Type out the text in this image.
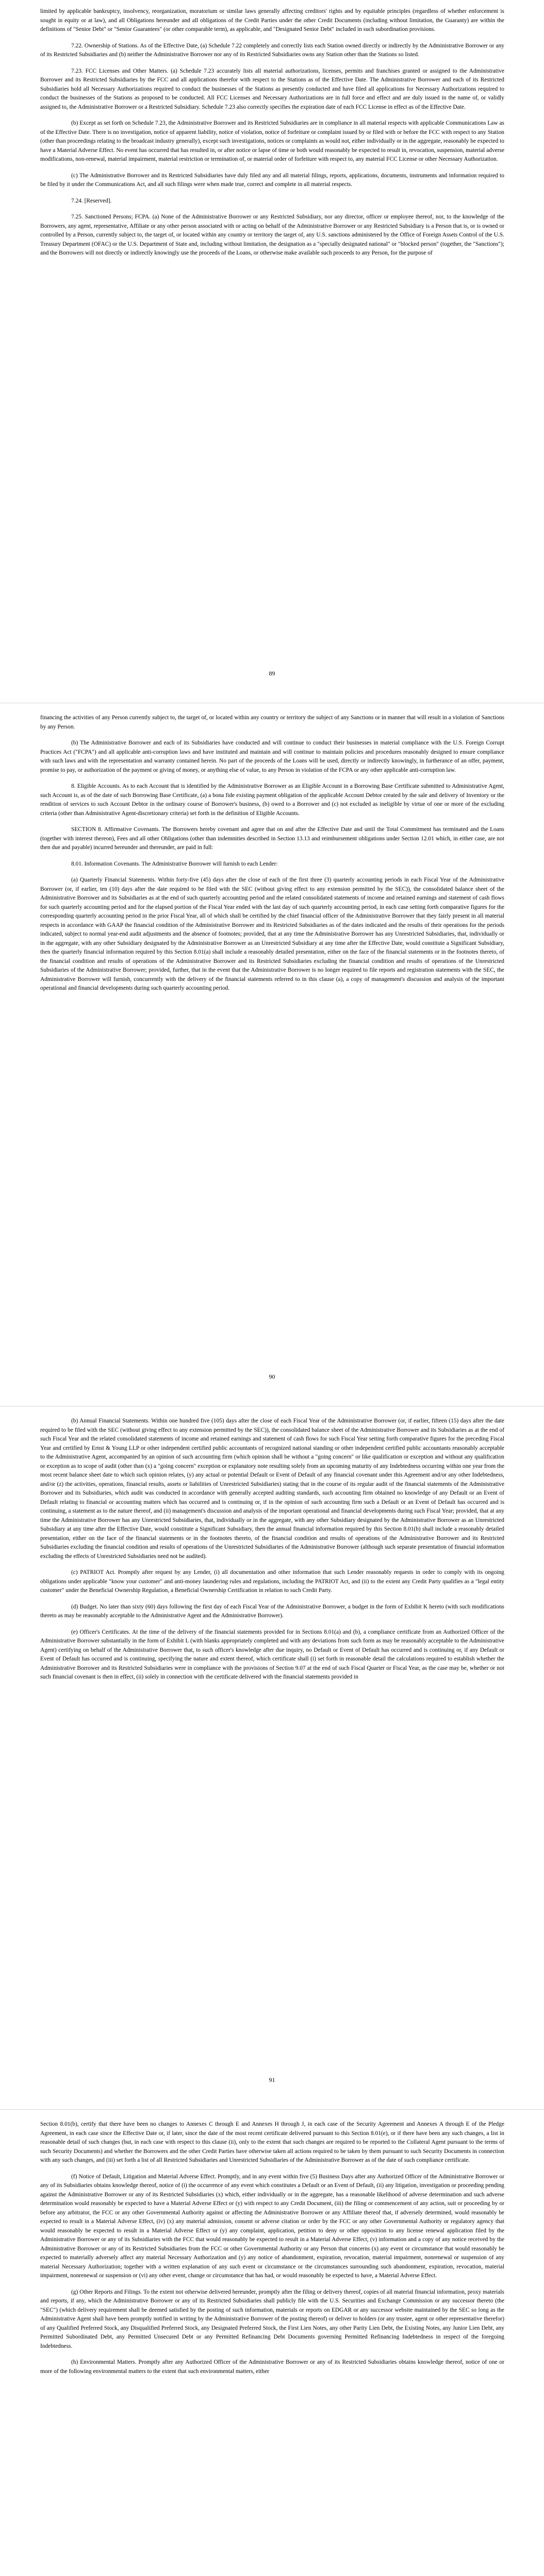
limited by applicable bankruptcy, insolvency, reorganization, moratorium or similar laws generally affecting creditors' rights and by equitable principles (regardless of whether enforcement is sought in equity or at law), and all Obligations hereunder and all obligations of the Credit Parties under the other Credit Documents (including without limitation, the Guaranty) are within the definitions of "Senior Debt" or "Senior Guarantees" (or other comparable term), as applicable, and "Designated Senior Debt" included in such subordination provisions.

7.22. Ownership of Stations. As of the Effective Date, (a) Schedule 7.22 completely and correctly lists each Station owned directly or indirectly by the Administrative Borrower or any of its Restricted Subsidiaries and (b) neither the Administrative Borrower nor any of its Restricted Subsidiaries owns any Station other than the Stations so listed.

7.23. FCC Licenses and Other Matters. (a) Schedule 7.23 accurately lists all material authorizations, licenses, permits and franchises granted or assigned to the Administrative Borrower and its Restricted Subsidiaries by the FCC and all applications therefor with respect to the Stations as of the Effective Date. The Administrative Borrower and each of its Restricted Subsidiaries hold all Necessary Authorizations required to conduct the businesses of the Stations as presently conducted and have filed all applications for Necessary Authorizations required to conduct the businesses of the Stations as proposed to be conducted. All FCC Licenses and Necessary Authorizations are in full force and effect and are duly issued in the name of, or validly assigned to, the Administrative Borrower or a Restricted Subsidiary. Schedule 7.23 also correctly specifies the expiration date of each FCC License in effect as of the Effective Date.

(b) Except as set forth on Schedule 7.23, the Administrative Borrower and its Restricted Subsidiaries are in compliance in all material respects with applicable Communications Law as of the Effective Date. There is no investigation, notice of apparent liability, notice of violation, notice of forfeiture or complaint issued by or filed with or before the FCC with respect to any Station (other than proceedings relating to the broadcast industry generally), except such investigations, notices or complaints as would not, either individually or in the aggregate, reasonably be expected to have a Material Adverse Effect. No event has occurred that has resulted in, or after notice or lapse of time or both would reasonably be expected to result in, revocation, suspension, material adverse modifications, non-renewal, material impairment, material restriction or termination of, or material order of forfeiture with respect to, any material FCC License or other Necessary Authorization.

(c) The Administrative Borrower and its Restricted Subsidiaries have duly filed any and all material filings, reports, applications, documents, instruments and information required to be filed by it under the Communications Act, and all such filings were when made true, correct and complete in all material respects.

7.24. [Reserved].

7.25. Sanctioned Persons; FCPA. (a) None of the Administrative Borrower or any Restricted Subsidiary, nor any director, officer or employee thereof, nor, to the knowledge of the Borrowers, any agent, representative, Affiliate or any other person associated with or acting on behalf of the Administrative Borrower or any Restricted Subsidiary is a Person that is, or is owned or controlled by a Person, currently subject to, the target of, or located within any country or territory the target of, any U.S. sanctions administered by the Office of Foreign Assets Control of the U.S. Treasury Department (OFAC) or the U.S. Department of State and, including without limitation, the designation as a "specially designated national" or "blocked person" (together, the "Sanctions"); and the Borrowers will not directly or indirectly knowingly use the proceeds of the Loans, or otherwise make available such proceeds to any Person, for the purpose of

89

financing the activities of any Person currently subject to, the target of, or located within any country or territory the subject of any Sanctions or in manner that will result in a violation of Sanctions by any Person.

(b) The Administrative Borrower and each of its Subsidiaries have conducted and will continue to conduct their businesses in material compliance with the U.S. Foreign Corrupt Practices Act ("FCPA") and all applicable anti-corruption laws and have instituted and maintain and will continue to maintain policies and procedures reasonably designed to ensure compliance with such laws and with the representation and warranty contained herein. No part of the proceeds of the Loans will be used, directly or indirectly knowingly, in furtherance of an offer, payment, promise to pay, or authorization of the payment or giving of money, or anything else of value, to any Person in violation of the FCPA or any other applicable anti-corruption law.

8. Eligible Accounts. As to each Account that is identified by the Administrative Borrower as an Eligible Account in a Borrowing Base Certificate submitted to Administrative Agent, such Account is, as of the date of such Borrowing Base Certificate, (a) a bona fide existing payment obligation of the applicable Account Debtor created by the sale and delivery of Inventory or the rendition of services to such Account Debtor in the ordinary course of Borrower's business, (b) owed to a Borrower and (c) not excluded as ineligible by virtue of one or more of the excluding criteria (other than Administrative Agent-discretionary criteria) set forth in the definition of Eligible Accounts.

SECTION 8. Affirmative Covenants. The Borrowers hereby covenant and agree that on and after the Effective Date and until the Total Commitment has terminated and the Loans (together with interest thereon), Fees and all other Obligations (other than indemnities described in Section 13.13 and reimbursement obligations under Section 12.01 which, in either case, are not then due and payable) incurred hereunder and thereunder, are paid in full:

8.01. Information Covenants. The Administrative Borrower will furnish to each Lender:

(a) Quarterly Financial Statements. Within forty-five (45) days after the close of each of the first three (3) quarterly accounting periods in each Fiscal Year of the Administrative Borrower (or, if earlier, ten (10) days after the date required to be filed with the SEC (without giving effect to any extension permitted by the SEC)), the consolidated balance sheet of the Administrative Borrower and its Subsidiaries as at the end of such quarterly accounting period and the related consolidated statements of income and retained earnings and statement of cash flows for such quarterly accounting period and for the elapsed portion of the Fiscal Year ended with the last day of such quarterly accounting period, in each case setting forth comparative figures for the corresponding quarterly accounting period in the prior Fiscal Year, all of which shall be certified by the chief financial officer of the Administrative Borrower that they fairly present in all material respects in accordance with GAAP the financial condition of the Administrative Borrower and its Restricted Subsidiaries as of the dates indicated and the results of their operations for the periods indicated, subject to normal year-end audit adjustments and the absence of footnotes; provided, that at any time the Administrative Borrower has any Unrestricted Subsidiaries, that, individually or in the aggregate, with any other Subsidiary designated by the Administrative Borrower as an Unrestricted Subsidiary at any time after the Effective Date, would constitute a Significant Subsidiary, then the quarterly financial information required by this Section 8.01(a) shall include a reasonably detailed presentation, either on the face of the financial statements or in the footnotes thereto, of the financial condition and results of operations of the Administrative Borrower and its Restricted Subsidiaries excluding the financial condition and results of operations of the Unrestricted Subsidiaries of the Administrative Borrower; provided, further, that in the event that the Administrative Borrower is no longer required to file reports and registration statements with the SEC, the Administrative Borrower will furnish, concurrently with the delivery of the financial statements referred to in this clause (a), a copy of management's discussion and analysis of the important operational and financial developments during such quarterly accounting period.

90

(b) Annual Financial Statements. Within one hundred five (105) days after the close of each Fiscal Year of the Administrative Borrower (or, if earlier, fifteen (15) days after the date required to be filed with the SEC (without giving effect to any extension permitted by the SEC)), the consolidated balance sheet of the Administrative Borrower and its Subsidiaries as at the end of such Fiscal Year and the related consolidated statements of income and retained earnings and statement of cash flows for such Fiscal Year setting forth comparative figures for the preceding Fiscal Year and certified by Ernst & Young LLP or other independent certified public accountants of recognized national standing or other independent certified public accountants reasonably acceptable to the Administrative Agent, accompanied by an opinion of such accounting firm (which opinion shall be without a "going concern" or like qualification or exception and without any qualification or exception as to scope of audit (other than (x) a "going concern" exception or explanatory note resulting solely from an upcoming maturity of any Indebtedness occurring within one year from the most recent balance sheet date to which such opinion relates, (y) any actual or potential Default or Event of Default of any financial covenant under this Agreement and/or any other Indebtedness, and/or (z) the activities, operations, financial results, assets or liabilities of Unrestricted Subsidiaries) stating that in the course of its regular audit of the financial statements of the Administrative Borrower and its Subsidiaries, which audit was conducted in accordance with generally accepted auditing standards, such accounting firm obtained no knowledge of any Default or an Event of Default relating to financial or accounting matters which has occurred and is continuing or, if in the opinion of such accounting firm such a Default or an Event of Default has occurred and is continuing, a statement as to the nature thereof, and (ii) management's discussion and analysis of the important operational and financial developments during such Fiscal Year; provided, that at any time the Administrative Borrower has any Unrestricted Subsidiaries, that, individually or in the aggregate, with any other Subsidiary designated by the Administrative Borrower as an Unrestricted Subsidiary at any time after the Effective Date, would constitute a Significant Subsidiary, then the annual financial information required by this Section 8.01(b) shall include a reasonably detailed presentation, either on the face of the financial statements or in the footnotes thereto, of the financial condition and results of operations of the Administrative Borrower and its Restricted Subsidiaries excluding the financial condition and results of operations of the Unrestricted Subsidiaries of the Administrative Borrower (although such separate presentation of financial information excluding the effects of Unrestricted Subsidiaries need not be audited).

(c) PATRIOT Act. Promptly after request by any Lender, (i) all documentation and other information that such Lender reasonably requests in order to comply with its ongoing obligations under applicable "know your customer" and anti-money laundering rules and regulations, including the PATRIOT Act, and (ii) to the extent any Credit Party qualifies as a "legal entity customer" under the Beneficial Ownership Regulation, a Beneficial Ownership Certification in relation to such Credit Party.

(d) Budget. No later than sixty (60) days following the first day of each Fiscal Year of the Administrative Borrower, a budget in the form of Exhibit K hereto (with such modifications thereto as may be reasonably acceptable to the Administrative Agent and the Administrative Borrower).

(e) Officer's Certificates. At the time of the delivery of the financial statements provided for in Sections 8.01(a) and (b), a compliance certificate from an Authorized Officer of the Administrative Borrower substantially in the form of Exhibit L (with blanks appropriately completed and with any deviations from such form as may be reasonably acceptable to the Administrative Agent) certifying on behalf of the Administrative Borrower that, to such officer's knowledge after due inquiry, no Default or Event of Default has occurred and is continuing or, if any Default or Event of Default has occurred and is continuing, specifying the nature and extent thereof, which certificate shall (i) set forth in reasonable detail the calculations required to establish whether the Administrative Borrower and its Restricted Subsidiaries were in compliance with the provisions of Section 9.07 at the end of such Fiscal Quarter or Fiscal Year, as the case may be, whether or not such financial covenant is then in effect, (ii) solely in connection with the certificate delivered with the financial statements provided in

91

Section 8.01(b), certify that there have been no changes to Annexes C through E and Annexes H through J, in each case of the Security Agreement and Annexes A through E of the Pledge Agreement, in each case since the Effective Date or, if later, since the date of the most recent certificate delivered pursuant to this Section 8.01(e), or if there have been any such changes, a list in reasonable detail of such changes (but, in each case with respect to this clause (ii), only to the extent that such changes are required to be reported to the Collateral Agent pursuant to the terms of such Security Documents) and whether the Borrowers and the other Credit Parties have otherwise taken all actions required to be taken by them pursuant to such Security Documents in connection with any such changes, and (iii) set forth a list of all Restricted Subsidiaries and Unrestricted Subsidiaries of the Administrative Borrower as of the date of such compliance certificate.

(f) Notice of Default, Litigation and Material Adverse Effect. Promptly, and in any event within five (5) Business Days after any Authorized Officer of the Administrative Borrower or any of its Subsidiaries obtains knowledge thereof, notice of (i) the occurrence of any event which constitutes a Default or an Event of Default, (ii) any litigation, investigation or proceeding pending against the Administrative Borrower or any of its Restricted Subsidiaries (x) which, either individually or in the aggregate, has a reasonable likelihood of adverse determination and such adverse determination would reasonably be expected to have a Material Adverse Effect or (y) with respect to any Credit Document, (iii) the filing or commencement of any action, suit or proceeding by or before any arbitrator, the FCC or any other Governmental Authority against or affecting the Administrative Borrower or any Affiliate thereof that, if adversely determined, would reasonably be expected to result in a Material Adverse Effect, (iv) (x) any material admission, consent or adverse citation or order by the FCC or any other Governmental Authority or regulatory agency that would reasonably be expected to result in a Material Adverse Effect or (y) any complaint, application, petition to deny or other opposition to any license renewal application filed by the Administrative Borrower or any of its Subsidiaries with the FCC that would reasonably be expected to result in a Material Adverse Effect, (v) information and a copy of any notice received by the Administrative Borrower or any of its Restricted Subsidiaries from the FCC or other Governmental Authority or any Person that concerns (x) any event or circumstance that would reasonably be expected to materially adversely affect any material Necessary Authorization and (y) any notice of abandonment, expiration, revocation, material impairment, nonrenewal or suspension of any material Necessary Authorization; together with a written explanation of any such event or circumstance or the circumstances surrounding such abandonment, expiration, revocation, material impairment, nonrenewal or suspension or (vi) any other event, change or circumstance that has had, or would reasonably be expected to have, a Material Adverse Effect.

(g) Other Reports and Filings. To the extent not otherwise delivered hereunder, promptly after the filing or delivery thereof, copies of all material financial information, proxy materials and reports, if any, which the Administrative Borrower or any of its Restricted Subsidiaries shall publicly file with the U.S. Securities and Exchange Commission or any successor thereto (the "SEC") (which delivery requirement shall be deemed satisfied by the posting of such information, materials or reports on EDGAR or any successor website maintained by the SEC so long as the Administrative Agent shall have been promptly notified in writing by the Administrative Borrower of the posting thereof) or deliver to holders (or any trustee, agent or other representative therefor) of any Qualified Preferred Stock, any Disqualified Preferred Stock, any Designated Preferred Stock, the First Lien Notes, any other Parity Lien Debt, the Existing Notes, any Junior Lien Debt, any Permitted Subordinated Debt, any Permitted Unsecured Debt or any Permitted Refinancing Debt Documents governing Permitted Refinancing Indebtedness in respect of the foregoing Indebtedness.

(h) Environmental Matters. Promptly after any Authorized Officer of the Administrative Borrower or any of its Restricted Subsidiaries obtains knowledge thereof, notice of one or more of the following environmental matters to the extent that such environmental matters, either
